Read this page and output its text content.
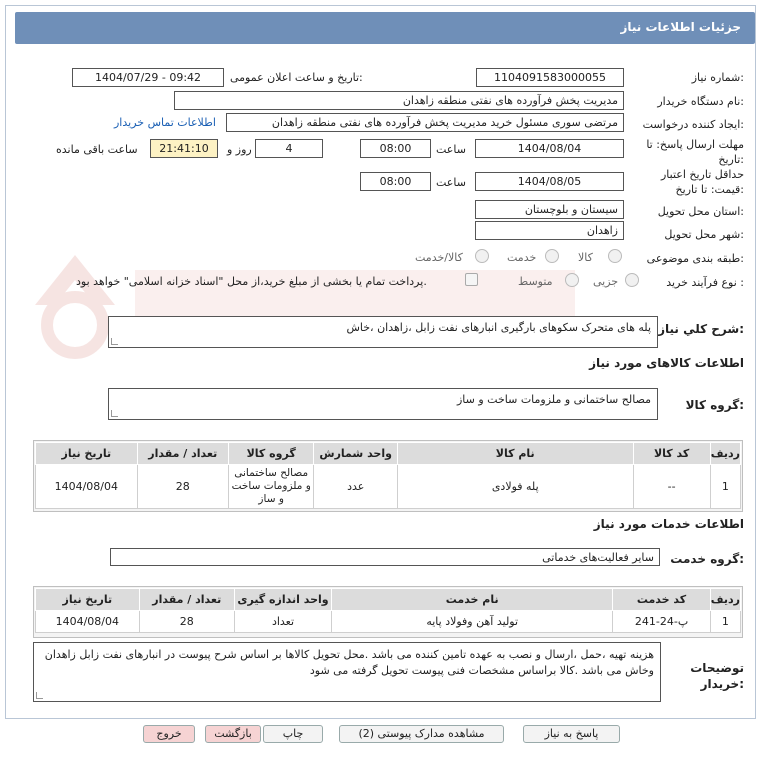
جزئیات اطلاعات نیاز
شماره نیاز:
1104091583000055
تاریخ و ساعت اعلان عمومی:
1404/07/29 - 09:42
نام دستگاه خریدار:
مدیریت پخش فرآورده های نفتی منطقه زاهدان
ایجاد کننده درخواست:
مرتضی سوری مسئول خرید مدیریت پخش فرآورده های نفتی منطقه زاهدان
اطلاعات تماس خریدار
مهلت ارسال پاسخ: تا تاریخ:
1404/08/04
ساعت
08:00
4
روز و
21:41:10
ساعت باقی مانده
حداقل تاریخ اعتبار قیمت: تا تاریخ:
1404/08/05
ساعت
08:00
استان محل تحویل:
سیستان و بلوچستان
شهر محل تحویل:
زاهدان
طبقه بندی موضوعی:
کالا
خدمت
کالا/خدمت
نوع فرآیند خرید :
جزیی
متوسط
پرداخت تمام یا بخشی از مبلغ خرید،از محل "اسناد خزانه اسلامی" خواهد بود.
شرح کلي نياز:
پله های متحرک سکوهای بارگیری انبارهای نفت زابل ،زاهدان ،خاش
اطلاعات کالاهای مورد نیاز
گروه کالا:
مصالح ساختمانی و ملزومات ساخت و ساز
ردیف	کد کالا	نام کالا	واحد شمارش	گروه کالا	تعداد / مقدار	تاریخ نیاز
1	--	پله فولادی	عدد	مصالح ساختمانی و ملزومات ساخت و ساز	28	1404/08/04
اطلاعات خدمات مورد نیاز
گروه خدمت:
سایر فعالیت‌های خدماتی
ردیف	کد خدمت	نام خدمت	واحد اندازه گیری	تعداد / مقدار	تاریخ نیاز
1	پ-24-241	تولید آهن وفولاد پایه	تعداد	28	1404/08/04
توضیحات خریدار:
هزینه تهیه ،حمل ،ارسال و نصب به عهده تامین کننده می باشد .محل تحویل کالاها بر اساس شرح پیوست در انبارهای نفت زابل زاهدان وخاش می باشد .کالا براساس مشخصات فنی پیوست تحویل گرفته می شود
پاسخ به نیاز
مشاهده مدارک پیوستی (2)
چاپ
بازگشت
خروج
